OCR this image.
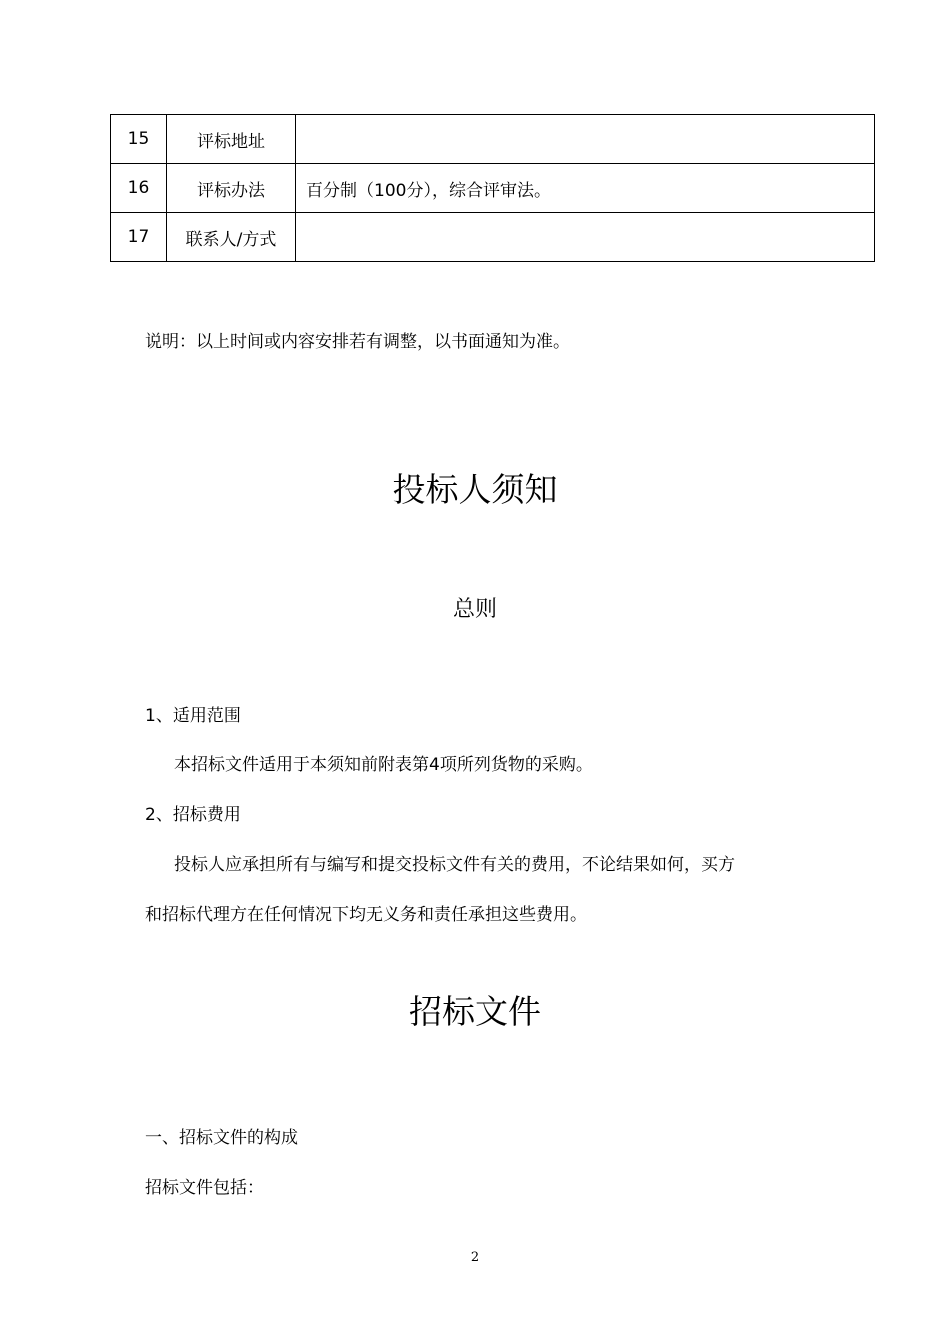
15	评标地址	
16	评标办法	百分制（100分），综合评审法。
17	联系人/方式	
说明：以上时间或内容安排若有调整，以书面通知为准。
投标人须知
总则
1、适用范围
本招标文件适用于本须知前附表第4项所列货物的采购。
2、招标费用
投标人应承担所有与编写和提交投标文件有关的费用，不论结果如何，买方
和招标代理方在任何情况下均无义务和责任承担这些费用。
招标文件
一、招标文件的构成
招标文件包括：
2
